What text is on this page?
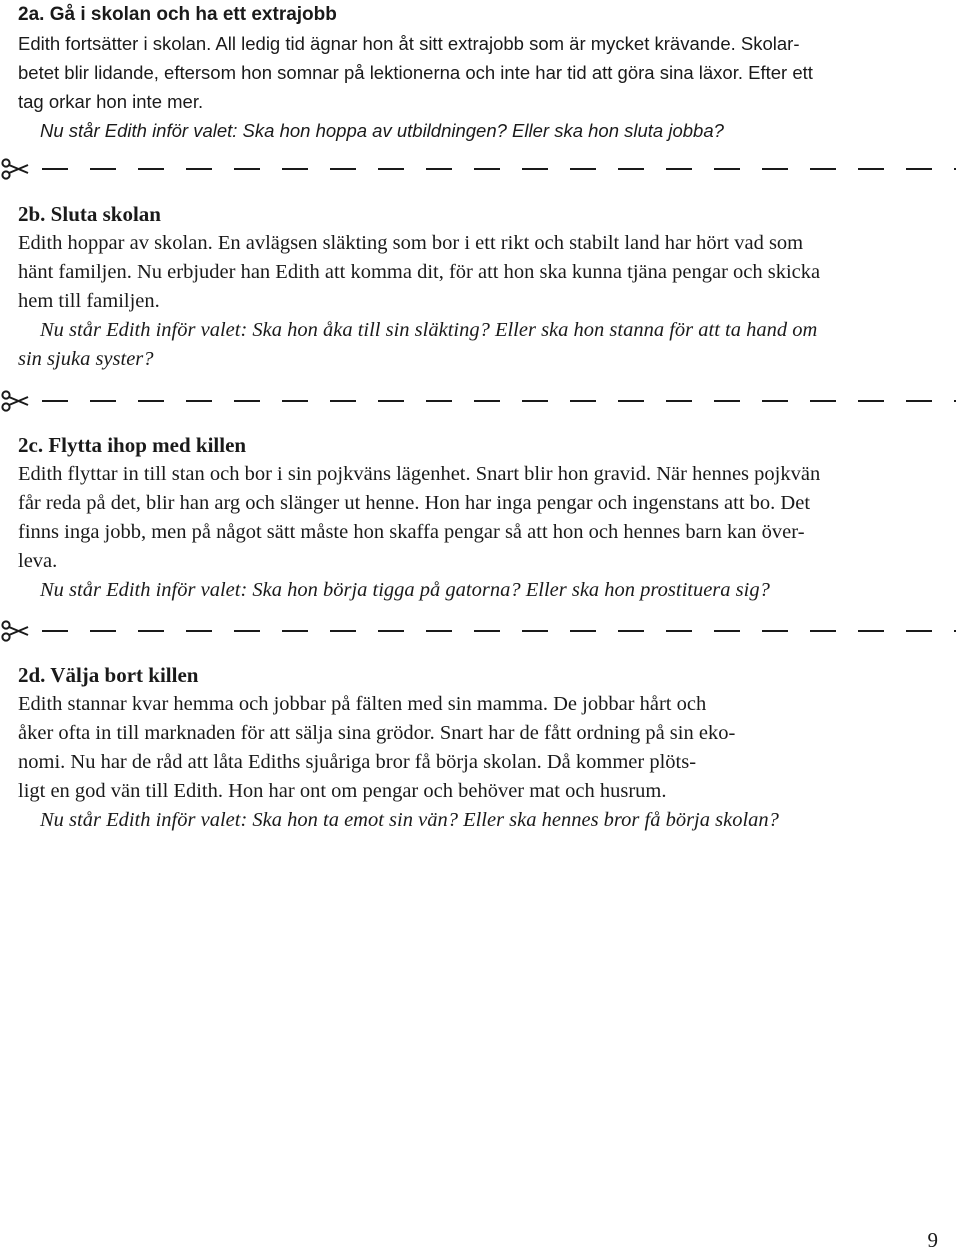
2a. Gå i skolan och ha ett extrajobb

Edith fortsätter i skolan. All ledig tid ägnar hon åt sitt extrajobb som är mycket krävande. Skolar-

betet blir lidande, eftersom hon somnar på lektionerna och inte har tid att göra sina läxor. Efter ett

tag orkar hon inte mer.

Nu står Edith inför valet: Ska hon hoppa av utbildningen? Eller ska hon sluta jobba?

2b. Sluta skolan

Edith hoppar av skolan. En avlägsen släkting som bor i ett rikt och stabilt land har hört vad som

hänt familjen. Nu erbjuder han Edith att komma dit, för att hon ska kunna tjäna pengar och skicka

hem till familjen.

Nu står Edith inför valet: Ska hon åka till sin släkting? Eller ska hon stanna för att ta hand om

sin sjuka syster?

2c. Flytta ihop med killen

Edith flyttar in till stan och bor i sin pojkväns lägenhet. Snart blir hon gravid. När hennes pojkvän

får reda på det, blir han arg och slänger ut henne. Hon har inga pengar och ingenstans att bo. Det

finns inga jobb, men på något sätt måste hon skaffa pengar så att hon och hennes barn kan över-

leva.

Nu står Edith inför valet: Ska hon börja tigga på gatorna? Eller ska hon prostituera sig?

2d. Välja bort killen

Edith stannar kvar hemma och jobbar på fälten med sin mamma. De jobbar hårt och

åker ofta in till marknaden för att sälja sina grödor. Snart har de fått ordning på sin eko-

nomi. Nu har de råd att låta Ediths sjuåriga bror få börja skolan. Då kommer plöts-

ligt en god vän till Edith. Hon har ont om pengar och behöver mat och husrum.

Nu står Edith inför valet: Ska hon ta emot sin vän? Eller ska hennes bror få börja skolan?

9
